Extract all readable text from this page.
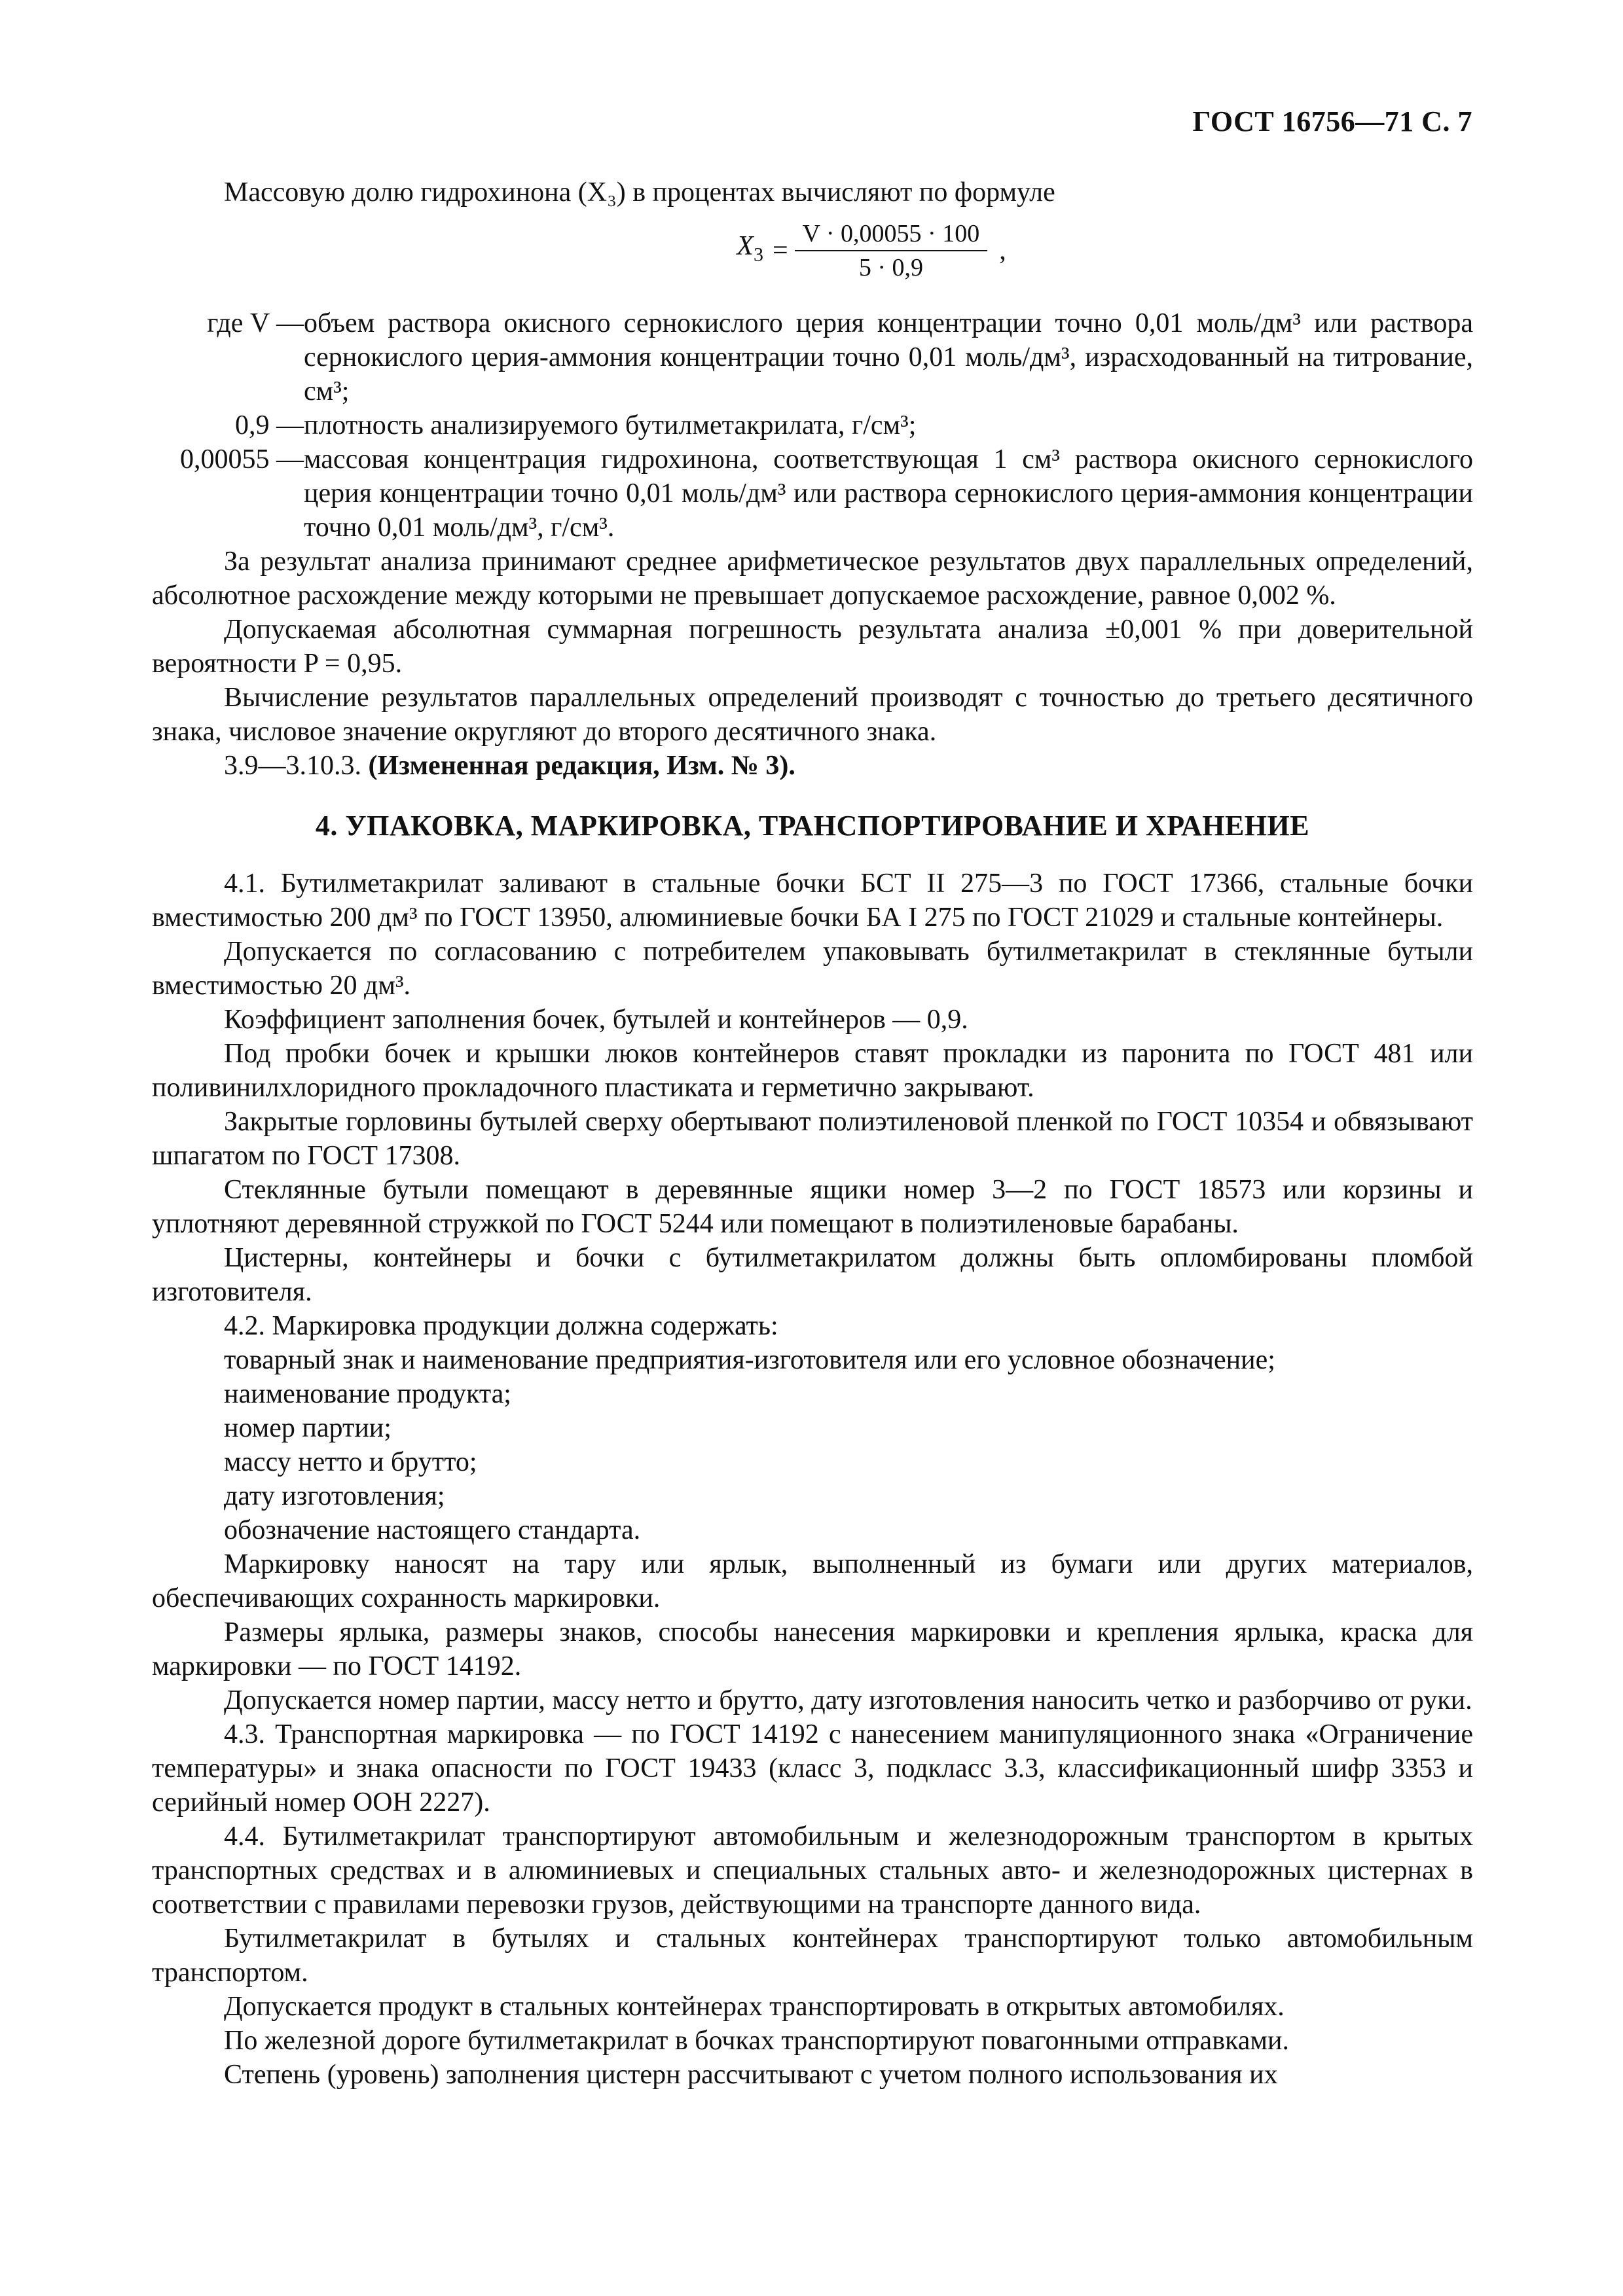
ГОСТ 16756—71 С. 7

Массовую долю гидрохинона (X₃) в процентах вычисляют по формуле

$X_3 = \frac{V \cdot 0,00055 \cdot 100}{5 \cdot 0,9}$ ,
где V — объем раствора окисного сернокислого церия концентрации точно 0,01 моль/дм³ или раствора сернокислого церия-аммония концентрации точно 0,01 моль/дм³, израсходованный на титрование, см³;
0,9 — плотность анализируемого бутилметакрилата, г/см³;
0,00055 — массовая концентрация гидрохинона, соответствующая 1 см³ раствора окисного сернокислого церия концентрации точно 0,01 моль/дм³ или раствора сернокислого церия-аммония концентрации точно 0,01 моль/дм³, г/см³.

За результат анализа принимают среднее арифметическое результатов двух параллельных определений, абсолютное расхождение между которыми не превышает допускаемое расхождение, равное 0,002 %.

Допускаемая абсолютная суммарная погрешность результата анализа ±0,001 % при доверительной вероятности P = 0,95.

Вычисление результатов параллельных определений производят с точностью до третьего десятичного знака, числовое значение округляют до второго десятичного знака.

3.9—3.10.3. (Измененная редакция, Изм. № 3).

4. УПАКОВКА, МАРКИРОВКА, ТРАНСПОРТИРОВАНИЕ И ХРАНЕНИЕ

4.1. Бутилметакрилат заливают в стальные бочки БСТ II 275—3 по ГОСТ 17366, стальные бочки вместимостью 200 дм³ по ГОСТ 13950, алюминиевые бочки БА I 275 по ГОСТ 21029 и стальные контейнеры.

Допускается по согласованию с потребителем упаковывать бутилметакрилат в стеклянные бутыли вместимостью 20 дм³.

Коэффициент заполнения бочек, бутылей и контейнеров — 0,9.

Под пробки бочек и крышки люков контейнеров ставят прокладки из паронита по ГОСТ 481 или поливинилхлоридного прокладочного пластиката и герметично закрывают.

Закрытые горловины бутылей сверху обертывают полиэтиленовой пленкой по ГОСТ 10354 и обвязывают шпагатом по ГОСТ 17308.

Стеклянные бутыли помещают в деревянные ящики номер 3—2 по ГОСТ 18573 или корзины и уплотняют деревянной стружкой по ГОСТ 5244 или помещают в полиэтиленовые барабаны.

Цистерны, контейнеры и бочки с бутилметакрилатом должны быть опломбированы пломбой изготовителя.

4.2. Маркировка продукции должна содержать:

товарный знак и наименование предприятия-изготовителя или его условное обозначение;

наименование продукта;

номер партии;

массу нетто и брутто;

дату изготовления;

обозначение настоящего стандарта.

Маркировку наносят на тару или ярлык, выполненный из бумаги или других материалов, обеспечивающих сохранность маркировки.

Размеры ярлыка, размеры знаков, способы нанесения маркировки и крепления ярлыка, краска для маркировки — по ГОСТ 14192.

Допускается номер партии, массу нетто и брутто, дату изготовления наносить четко и разборчиво от руки.

4.3. Транспортная маркировка — по ГОСТ 14192 с нанесением манипуляционного знака «Ограничение температуры» и знака опасности по ГОСТ 19433 (класс 3, подкласс 3.3, классификационный шифр 3353 и серийный номер ООН 2227).

4.4. Бутилметакрилат транспортируют автомобильным и железнодорожным транспортом в крытых транспортных средствах и в алюминиевых и специальных стальных авто- и железнодорожных цистернах в соответствии с правилами перевозки грузов, действующими на транспорте данного вида.

Бутилметакрилат в бутылях и стальных контейнерах транспортируют только автомобильным транспортом.

Допускается продукт в стальных контейнерах транспортировать в открытых автомобилях.

По железной дороге бутилметакрилат в бочках транспортируют повагонными отправками.

Степень (уровень) заполнения цистерн рассчитывают с учетом полного использования их
